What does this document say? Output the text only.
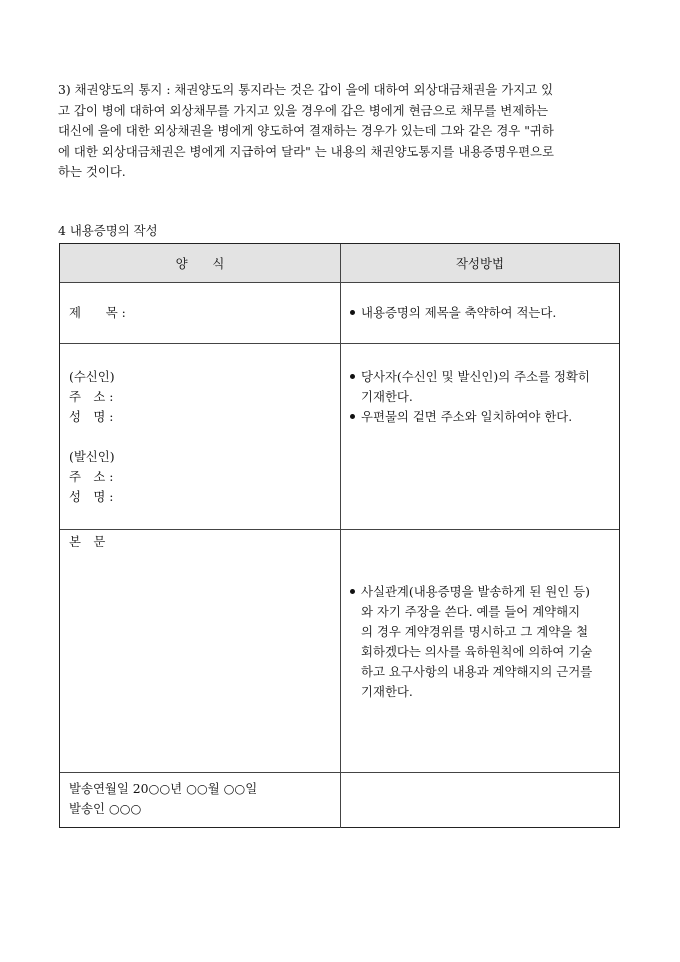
3) 채권양도의 통지 : 채권양도의 통지라는 것은 갑이 을에 대하여 외상대금채권을 가지고 있
고 갑이 병에 대하여 외상채무를 가지고 있을 경우에 갑은 병에게 현금으로 채무를 변제하는
대신에 을에 대한 외상채권을 병에게 양도하여 결재하는 경우가 있는데 그와 같은 경우 "귀하
에 대한 외상대금채권은 병에게 지급하여 달라" 는 내용의 채권양도통지를 내용증명우편으로
하는 것이다.
4 내용증명의 작성
양　　식	작성방법
제　　목 :	내용증명의 제목을 축약하여 적는다.
(수신인)
주　소 :
성　명 :
(발신인)
주　소 :
성　명 :
당사자(수신인 및 발신인)의 주소를 정확히
기재한다.
우편물의 겉면 주소와 일치하여야 한다.
본　문
사실관계(내용증명을 발송하게 된 원인 등)
와 자기 주장을 쓴다. 예를 들어 계약해지
의 경우 계약경위를 명시하고 그 계약을 철
회하겠다는 의사를 육하원칙에 의하여 기술
하고 요구사항의 내용과 계약해지의 근거를
기재한다.
발송연월일 20○○년 ○○월 ○○일
발송인 ○○○
